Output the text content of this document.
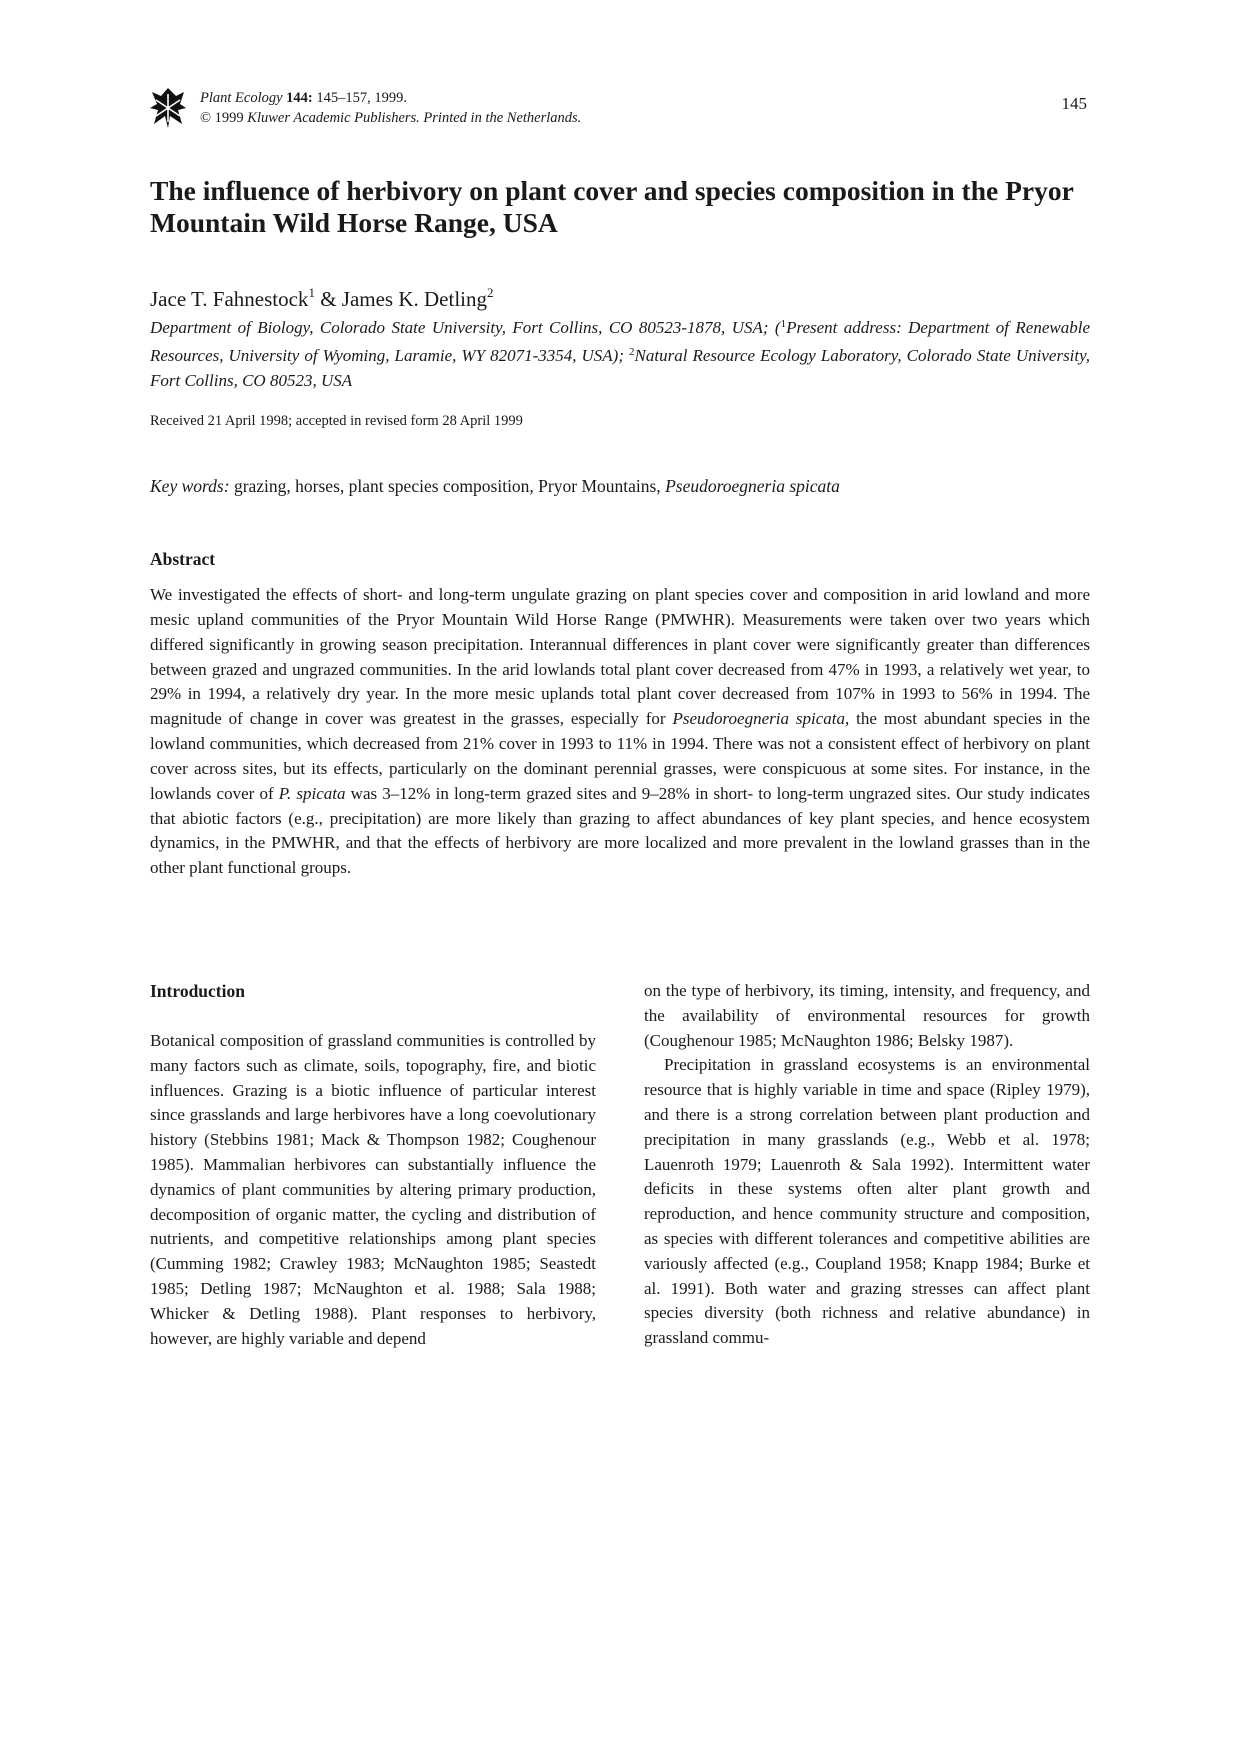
Plant Ecology 144: 145–157, 1999.
© 1999 Kluwer Academic Publishers. Printed in the Netherlands.
145
The influence of herbivory on plant cover and species composition in the Pryor Mountain Wild Horse Range, USA
Jace T. Fahnestock$^1$ & James K. Detling$^2$
Department of Biology, Colorado State University, Fort Collins, CO 80523-1878, USA; ($^1$Present address: Department of Renewable Resources, University of Wyoming, Laramie, WY 82071-3354, USA); $^2$Natural Resource Ecology Laboratory, Colorado State University, Fort Collins, CO 80523, USA
Received 21 April 1998; accepted in revised form 28 April 1999
Key words: grazing, horses, plant species composition, Pryor Mountains, Pseudoroegneria spicata
Abstract

We investigated the effects of short- and long-term ungulate grazing on plant species cover and composition in arid lowland and more mesic upland communities of the Pryor Mountain Wild Horse Range (PMWHR). Measurements were taken over two years which differed significantly in growing season precipitation. Interannual differences in plant cover were significantly greater than differences between grazed and ungrazed communities. In the arid lowlands total plant cover decreased from 47% in 1993, a relatively wet year, to 29% in 1994, a relatively dry year. In the more mesic uplands total plant cover decreased from 107% in 1993 to 56% in 1994. The magnitude of change in cover was greatest in the grasses, especially for Pseudoroegneria spicata, the most abundant species in the lowland communities, which decreased from 21% cover in 1993 to 11% in 1994. There was not a consistent effect of herbivory on plant cover across sites, but its effects, particularly on the dominant perennial grasses, were conspicuous at some sites. For instance, in the lowlands cover of P. spicata was 3–12% in long-term grazed sites and 9–28% in short- to long-term ungrazed sites. Our study indicates that abiotic factors (e.g., precipitation) are more likely than grazing to affect abundances of key plant species, and hence ecosystem dynamics, in the PMWHR, and that the effects of herbivory are more localized and more prevalent in the lowland grasses than in the other plant functional groups.

Introduction

Botanical composition of grassland communities is controlled by many factors such as climate, soils, topography, fire, and biotic influences. Grazing is a biotic influence of particular interest since grasslands and large herbivores have a long coevolutionary history (Stebbins 1981; Mack & Thompson 1982; Coughenour 1985). Mammalian herbivores can substantially influence the dynamics of plant communities by altering primary production, decomposition of organic matter, the cycling and distribution of nutrients, and competitive relationships among plant species (Cumming 1982; Crawley 1983; McNaughton 1985; Seastedt 1985; Detling 1987; McNaughton et al. 1988; Sala 1988; Whicker & Detling 1988). Plant responses to herbivory, however, are highly variable and depend

on the type of herbivory, its timing, intensity, and frequency, and the availability of environmental resources for growth (Coughenour 1985; McNaughton 1986; Belsky 1987).

Precipitation in grassland ecosystems is an environmental resource that is highly variable in time and space (Ripley 1979), and there is a strong correlation between plant production and precipitation in many grasslands (e.g., Webb et al. 1978; Lauenroth 1979; Lauenroth & Sala 1992). Intermittent water deficits in these systems often alter plant growth and reproduction, and hence community structure and composition, as species with different tolerances and competitive abilities are variously affected (e.g., Coupland 1958; Knapp 1984; Burke et al. 1991). Both water and grazing stresses can affect plant species diversity (both richness and relative abundance) in grassland commu-
